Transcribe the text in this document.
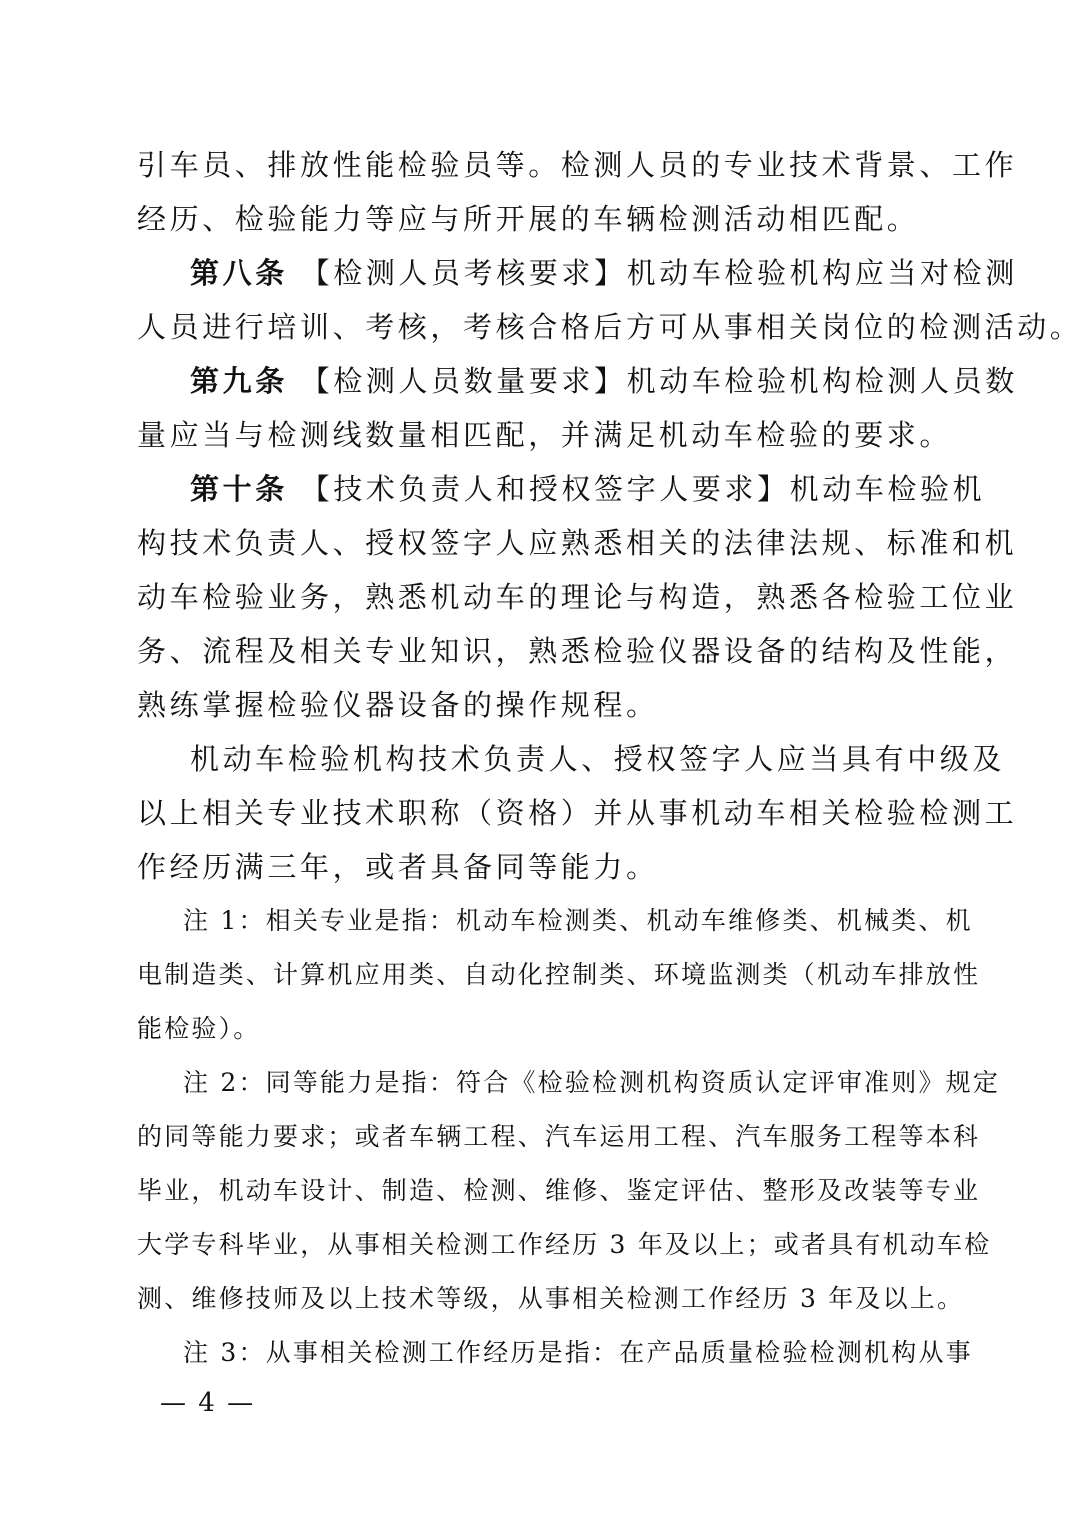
引车员、排放性能检验员等。检测人员的专业技术背景、工作
经历、检验能力等应与所开展的车辆检测活动相匹配。
第八条 【检测人员考核要求】机动车检验机构应当对检测
人员进行培训、考核，考核合格后方可从事相关岗位的检测活动。
第九条 【检测人员数量要求】机动车检验机构检测人员数
量应当与检测线数量相匹配，并满足机动车检验的要求。
第十条 【技术负责人和授权签字人要求】机动车检验机
构技术负责人、授权签字人应熟悉相关的法律法规、标准和机
动车检验业务，熟悉机动车的理论与构造，熟悉各检验工位业
务、流程及相关专业知识，熟悉检验仪器设备的结构及性能，
熟练掌握检验仪器设备的操作规程。
机动车检验机构技术负责人、授权签字人应当具有中级及
以上相关专业技术职称（资格）并从事机动车相关检验检测工
作经历满三年，或者具备同等能力。
注 1：相关专业是指：机动车检测类、机动车维修类、机械类、机
电制造类、计算机应用类、自动化控制类、环境监测类（机动车排放性
能检验）。
注 2：同等能力是指：符合《检验检测机构资质认定评审准则》规定
的同等能力要求；或者车辆工程、汽车运用工程、汽车服务工程等本科
毕业，机动车设计、制造、检测、维修、鉴定评估、整形及改装等专业
大学专科毕业，从事相关检测工作经历 3 年及以上；或者具有机动车检
测、维修技师及以上技术等级，从事相关检测工作经历 3 年及以上。
注 3：从事相关检测工作经历是指：在产品质量检验检测机构从事
— 4 —
